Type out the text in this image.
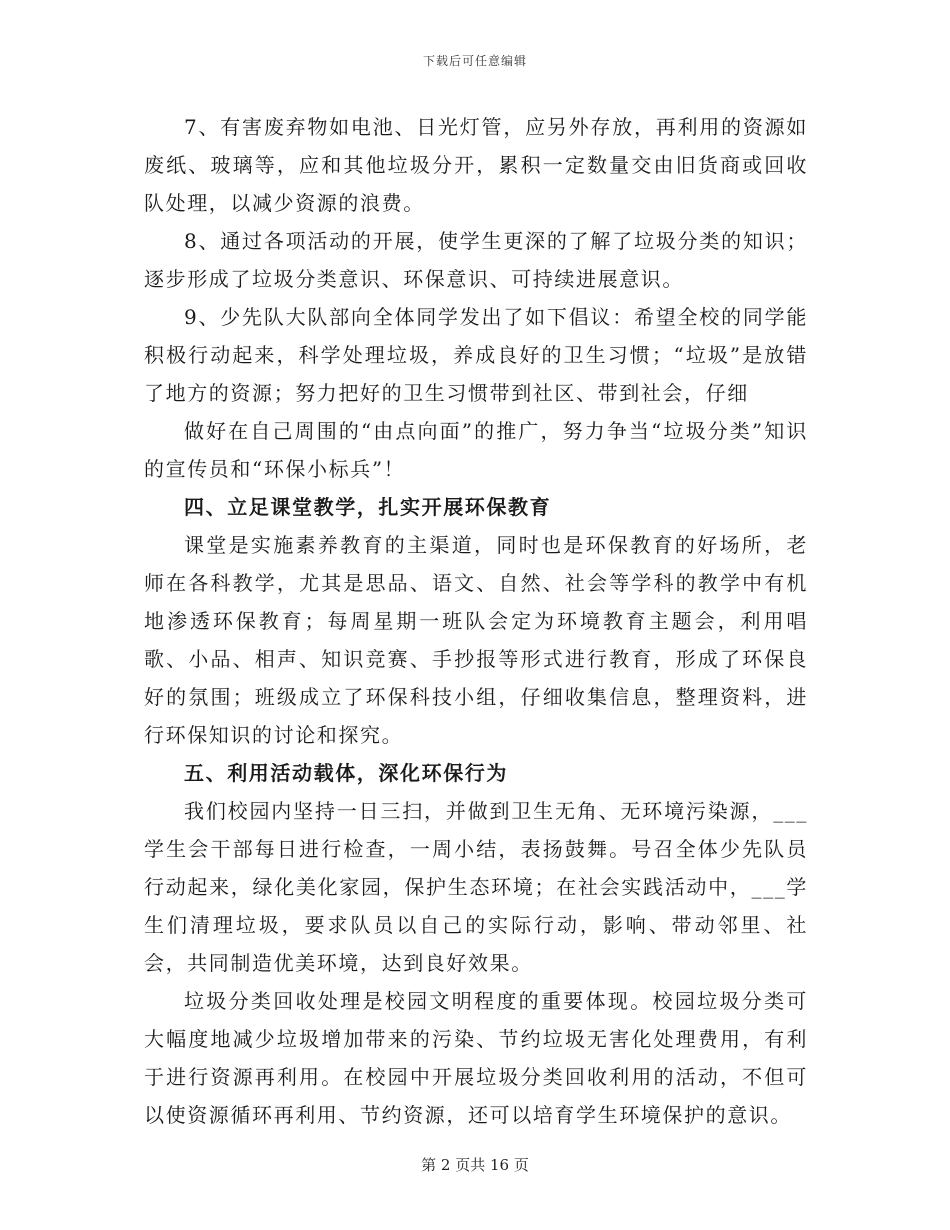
下载后可任意编辑

7、有害废弃物如电池、日光灯管，应另外存放，再利用的资源如废纸、玻璃等，应和其他垃圾分开，累积一定数量交由旧货商或回收队处理，以减少资源的浪费。

8、通过各项活动的开展，使学生更深的了解了垃圾分类的知识；逐步形成了垃圾分类意识、环保意识、可持续进展意识。

9、少先队大队部向全体同学发出了如下倡议：希望全校的同学能积极行动起来，科学处理垃圾，养成良好的卫生习惯；“垃圾”是放错了地方的资源；努力把好的卫生习惯带到社区、带到社会，仔细

做好在自己周围的“由点向面”的推广，努力争当“垃圾分类”知识的宣传员和“环保小标兵”！

四、立足课堂教学，扎实开展环保教育

课堂是实施素养教育的主渠道，同时也是环保教育的好场所，老师在各科教学，尤其是思品、语文、自然、社会等学科的教学中有机地渗透环保教育；每周星期一班队会定为环境教育主题会，利用唱歌、小品、相声、知识竞赛、手抄报等形式进行教育，形成了环保良好的氛围；班级成立了环保科技小组，仔细收集信息，整理资料，进行环保知识的讨论和探究。

五、利用活动载体，深化环保行为

我们校园内坚持一日三扫，并做到卫生无角、无环境污染源，___学生会干部每日进行检查，一周小结，表扬鼓舞。号召全体少先队员行动起来，绿化美化家园，保护生态环境；在社会实践活动中，___学生们清理垃圾，要求队员以自己的实际行动，影响、带动邻里、社会，共同制造优美环境，达到良好效果。

垃圾分类回收处理是校园文明程度的重要体现。校园垃圾分类可大幅度地减少垃圾增加带来的污染、节约垃圾无害化处理费用，有利于进行资源再利用。在校园中开展垃圾分类回收利用的活动，不但可以使资源循环再利用、节约资源，还可以培育学生环境保护的意识。

第 2 页共 16 页
